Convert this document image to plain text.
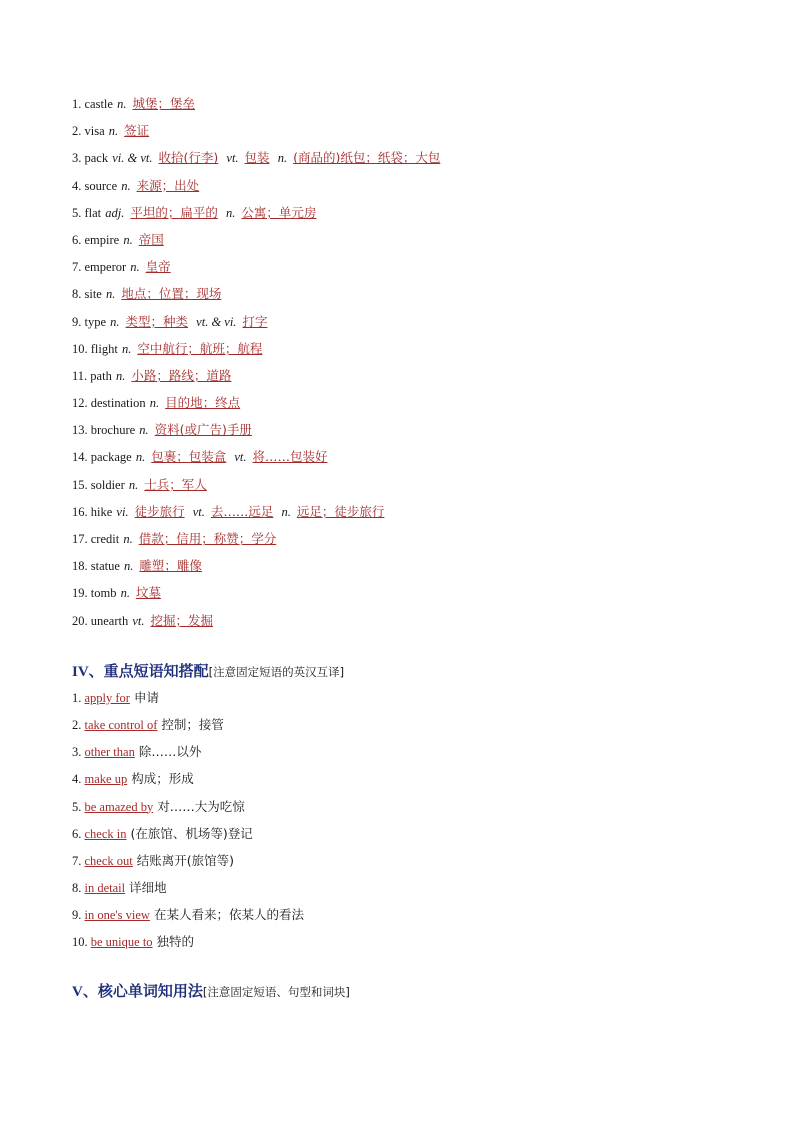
1. castle n. 城堡；堡垒
2. visa n. 签证
3. pack vi. & vt. 收拾(行李) vt. 包装 n. (商品的)纸包；纸袋；大包
4. source n. 来源；出处
5. flat adj. 平坦的；扁平的 n. 公寓；单元房
6. empire n. 帝国
7. emperor n. 皇帝
8. site n. 地点；位置；现场
9. type n. 类型；种类 vt. & vi. 打字
10. flight n. 空中航行；航班；航程
11. path n. 小路；路线；道路
12. destination n. 目的地；终点
13. brochure n. 资料(或广告)手册
14. package n. 包裹；包装盒 vt. 将……包装好
15. soldier n. 士兵；军人
16. hike vi. 徒步旅行 vt. 去……远足 n. 远足；徒步旅行
17. credit n. 借款；信用；称赞；学分
18. statue n. 雕塑；雕像
19. tomb n. 坟墓
20. unearth vt. 挖掘；发掘
IV、重点短语知搭配[注意固定短语的英汉互译]
1. apply for 申请
2. take control of 控制；接管
3. other than 除……以外
4. make up 构成；形成
5. be amazed by 对……大为吃惊
6. check in (在旅馆、机场等)登记
7. check out 结账离开(旅馆等)
8. in detail 详细地
9. in one's view 在某人看来；依某人的看法
10. be unique to 独特的
V、核心单词知用法[注意固定短语、句型和词块]
